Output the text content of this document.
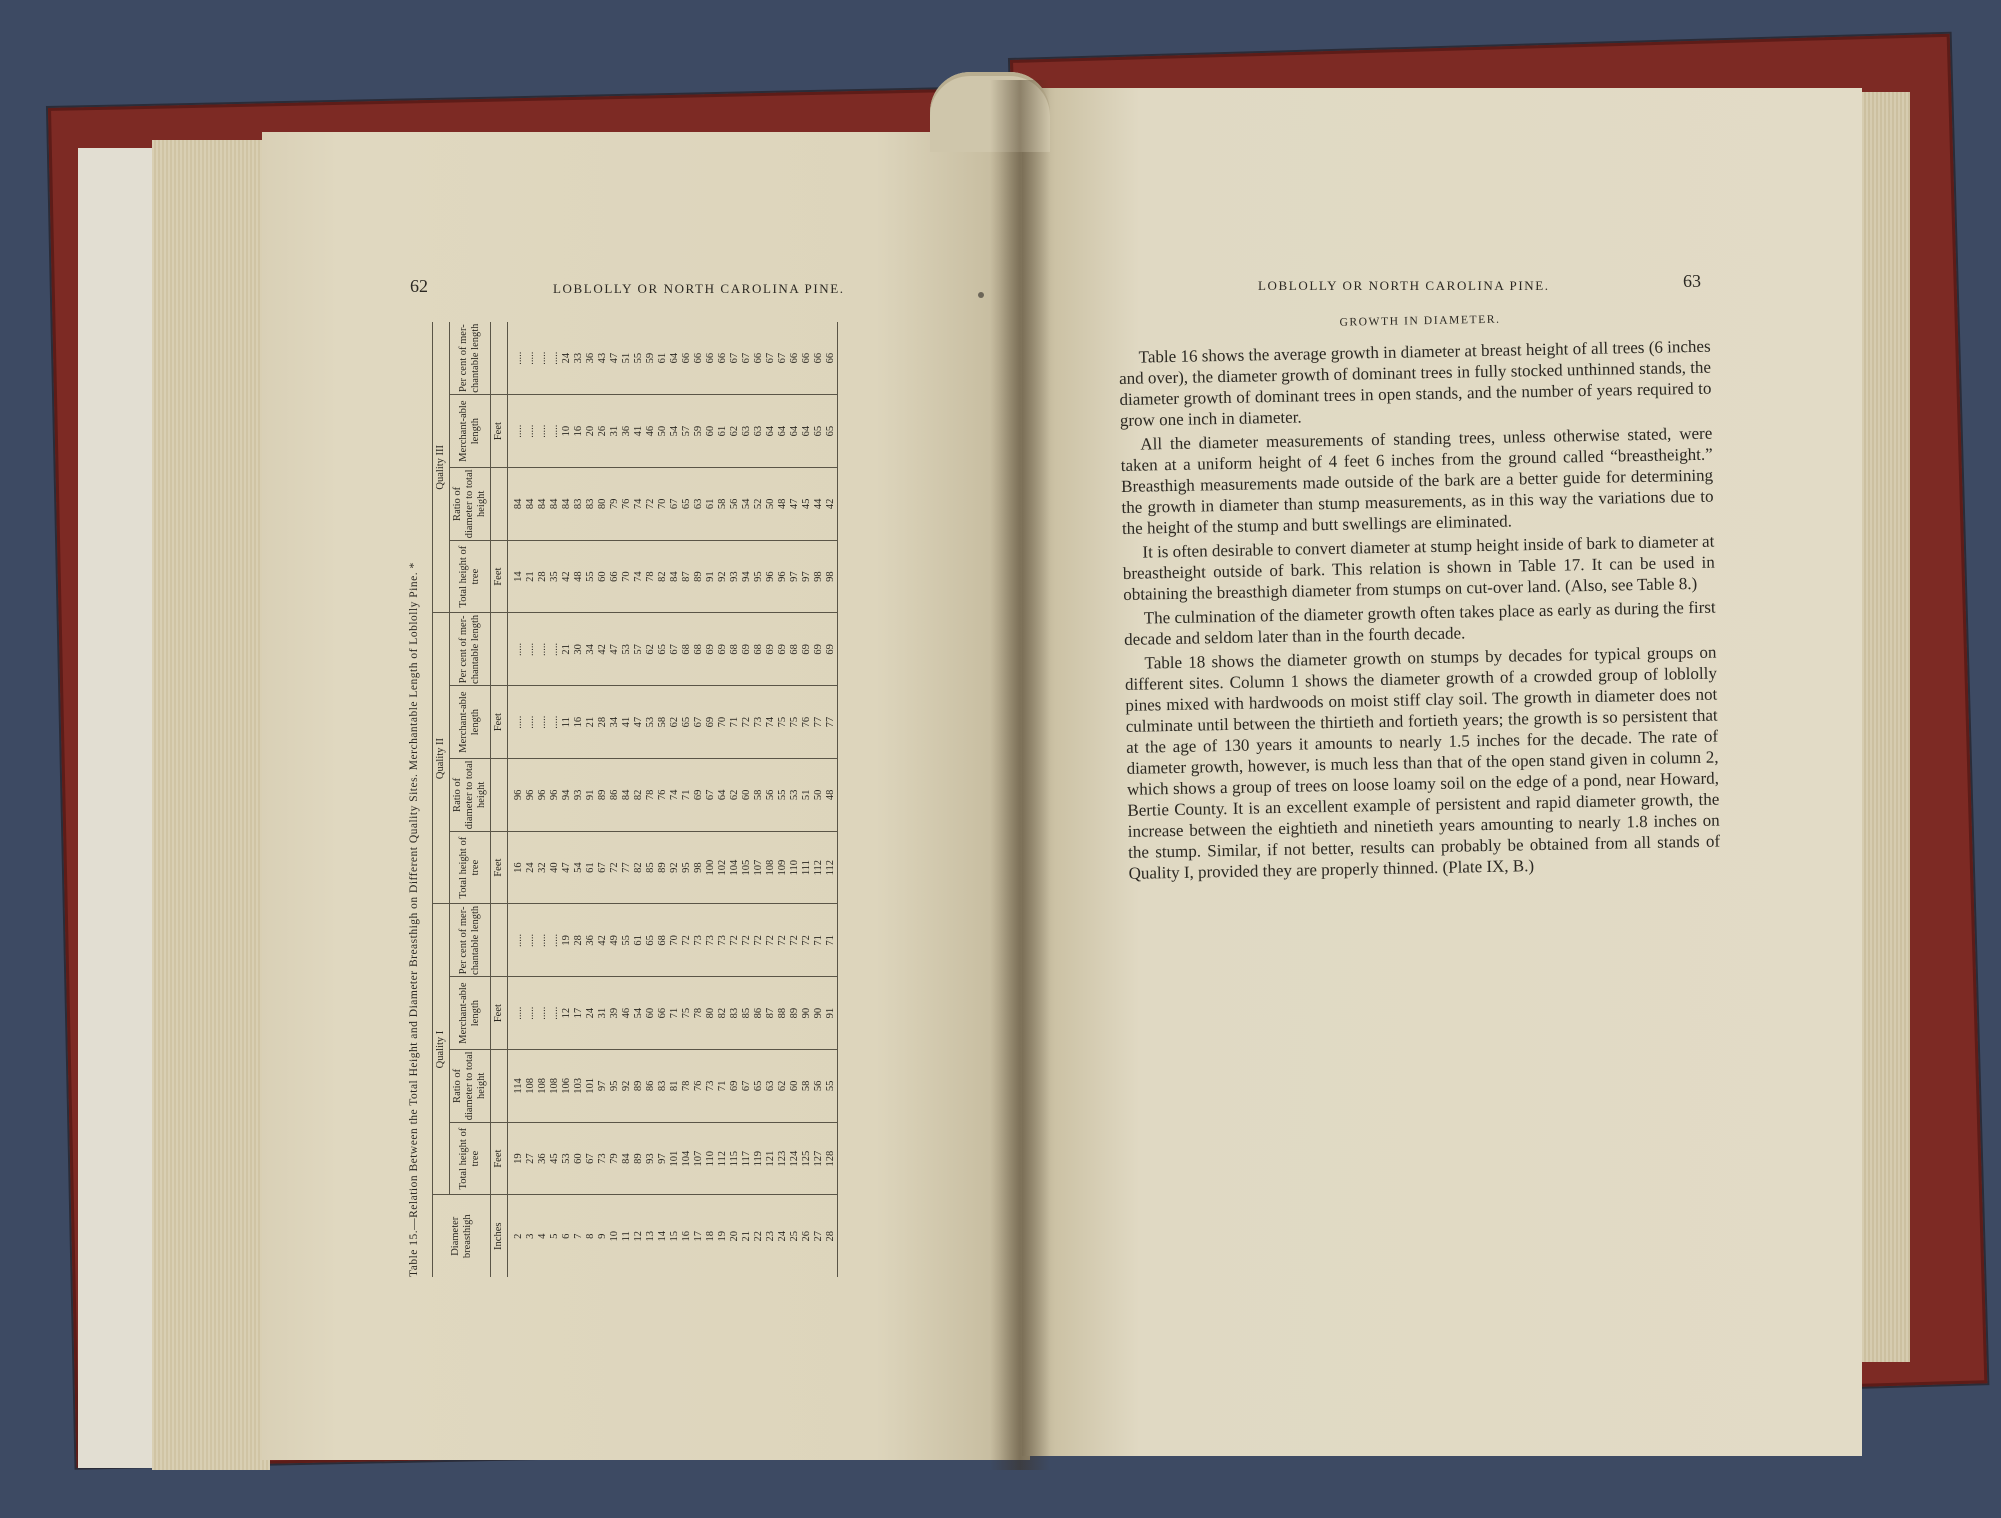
62	LOBLOLLY OR NORTH CAROLINA PINE.
Table 15.—Relation Between the Total Height and Diameter Breasthigh on Different Quality Sites. Merchantable Length of Loblolly Pine. *
Diameter breasthigh	Quality I				Quality II				Quality III			
	Total height of tree	Ratio of diameter to total height	Merchant-able length	Per cent of mer-chantable length	Total height of tree	Ratio of diameter to total height	Merchant-able length	Per cent of mer-chantable length	Total height of tree	Ratio of diameter to total height	Merchant-able length	Per cent of mer-chantable length
Inches	Feet		Feet		Feet		Feet		Feet		Feet	
2	19	114	.....	.....	16	96	.....	.....	14	84	.....	.....
3	27	108	.....	.....	24	96	.....	.....	21	84	.....	.....
4	36	108	.....	.....	32	96	.....	.....	28	84	.....	.....
5	45	108	.....	.....	40	96	.....	.....	35	84	.....	.....
6	53	106	12	19	47	94	11	21	42	84	10	24
7	60	103	17	28	54	93	16	30	48	83	16	33
8	67	101	24	36	61	91	21	34	55	83	20	36
9	73	97	31	42	67	89	28	42	60	80	26	43
10	79	95	39	49	72	86	34	47	66	79	31	47
11	84	92	46	55	77	84	41	53	70	76	36	51
12	89	89	54	61	82	82	47	57	74	74	41	55
13	93	86	60	65	85	78	53	62	78	72	46	59
14	97	83	66	68	89	76	58	65	82	70	50	61
15	101	81	71	70	92	74	62	67	84	67	54	64
16	104	78	75	72	95	71	65	68	87	65	57	66
17	107	76	78	73	98	69	67	68	89	63	59	66
18	110	73	80	73	100	67	69	69	91	61	60	66
19	112	71	82	73	102	64	70	69	92	58	61	66
20	115	69	83	72	104	62	71	68	93	56	62	67
21	117	67	85	72	105	60	72	69	94	54	63	67
22	119	65	86	72	107	58	73	68	95	52	63	66
23	121	63	87	72	108	56	74	69	96	50	64	67
24	123	62	88	72	109	55	75	69	96	48	64	67
25	124	60	89	72	110	53	75	68	97	47	64	66
26	125	58	90	72	111	51	76	69	97	45	64	66
27	127	56	90	71	112	50	77	69	98	44	65	66
28	128	55	91	71	112	48	77	69	98	42	65	66
63
LOBLOLLY OR NORTH CAROLINA PINE.
GROWTH IN DIAMETER.

Table 16 shows the average growth in diameter at breast height of all trees (6 inches and over), the diameter growth of dominant trees in fully stocked unthinned stands, the diameter growth of dominant trees in open stands, and the number of years required to grow one inch in diameter.

All the diameter measurements of standing trees, unless otherwise stated, were taken at a uniform height of 4 feet 6 inches from the ground called “breastheight.” Breasthigh measurements made outside of the bark are a better guide for determining the growth in diameter than stump measurements, as in this way the variations due to the height of the stump and butt swellings are eliminated.

It is often desirable to convert diameter at stump height inside of bark to diameter at breastheight outside of bark. This relation is shown in Table 17. It can be used in obtaining the breasthigh diameter from stumps on cut-over land. (Also, see Table 8.)

The culmination of the diameter growth often takes place as early as during the first decade and seldom later than in the fourth decade.

Table 18 shows the diameter growth on stumps by decades for typical groups on different sites. Column 1 shows the diameter growth of a crowded group of loblolly pines mixed with hardwoods on moist stiff clay soil. The growth in diameter does not culminate until between the thirtieth and fortieth years; the growth is so persistent that at the age of 130 years it amounts to nearly 1.5 inches for the decade. The rate of diameter growth, however, is much less than that of the open stand given in column 2, which shows a group of trees on loose loamy soil on the edge of a pond, near Howard, Bertie County. It is an excellent example of persistent and rapid diameter growth, the increase between the eightieth and ninetieth years amounting to nearly 1.8 inches on the stump. Similar, if not better, results can probably be obtained from all stands of Quality I, provided they are properly thinned. (Plate IX, B.)
